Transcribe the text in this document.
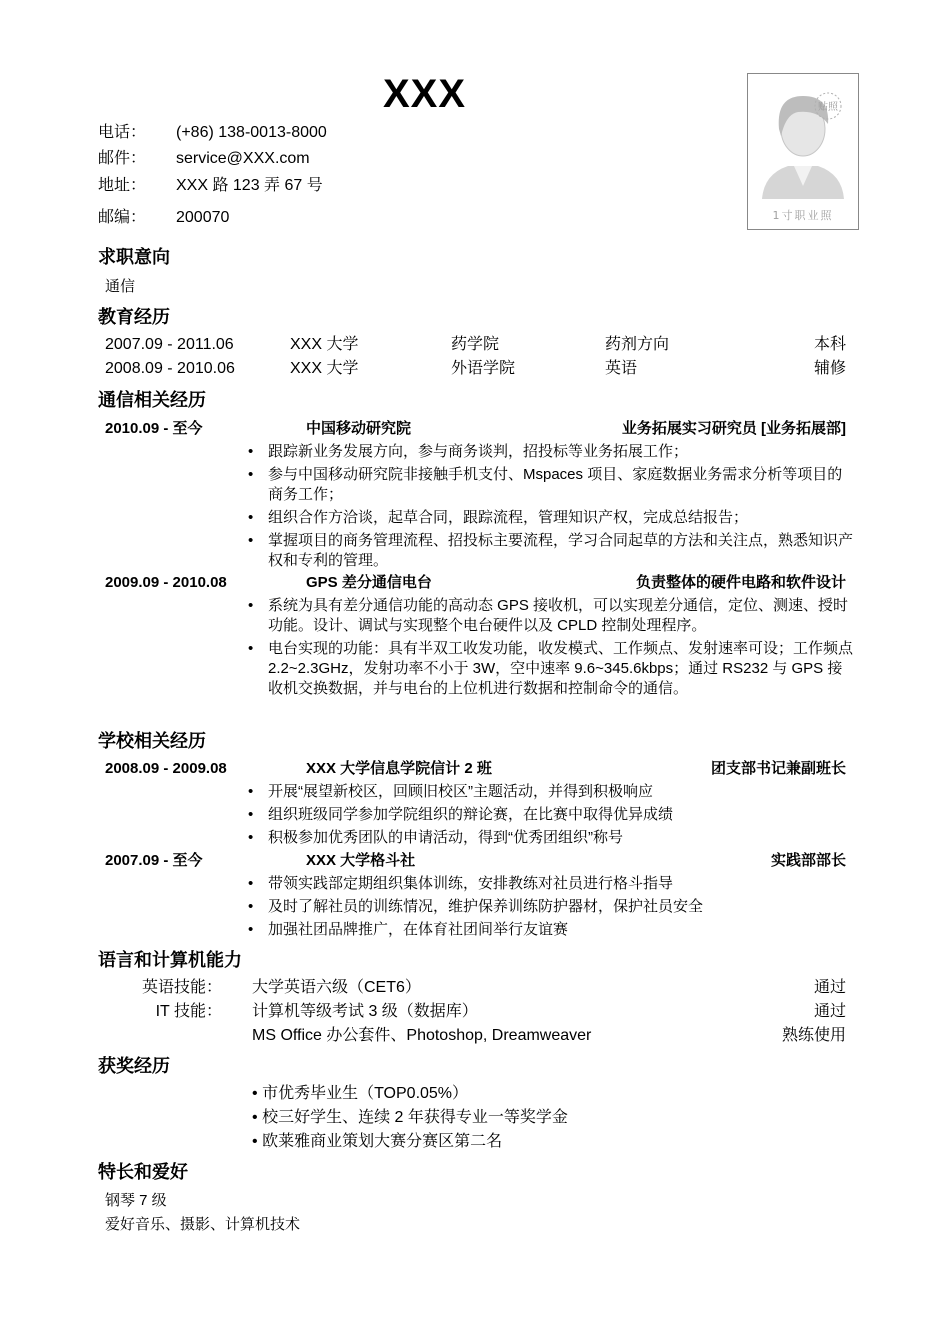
XXX
电话： (+86) 138-0013-8000
邮件： service@XXX.com
地址： XXX 路 123 弄 67 号
邮编： 200070
贴照
1寸职业照
求职意向
通信
教育经历
2007.09 - 2011.06	XXX 大学	药学院	药剂方向	本科
2008.09 - 2010.06	XXX 大学	外语学院	英语	辅修
通信相关经历
2010.09 - 至今	中国移动研究院	业务拓展实习研究员 [业务拓展部]
• 跟踪新业务发展方向，参与商务谈判，招投标等业务拓展工作；
• 参与中国移动研究院非接触手机支付、Mspaces 项目、家庭数据业务需求分析等项目的商务工作；
• 组织合作方洽谈，起草合同，跟踪流程，管理知识产权，完成总结报告；
• 掌握项目的商务管理流程、招投标主要流程，学习合同起草的方法和关注点，熟悉知识产权和专利的管理。
2009.09 - 2010.08	GPS 差分通信电台	负责整体的硬件电路和软件设计
• 系统为具有差分通信功能的高动态 GPS 接收机，可以实现差分通信，定位、测速、授时功能。设计、调试与实现整个电台硬件以及 CPLD 控制处理程序。
• 电台实现的功能：具有半双工收发功能，收发模式、工作频点、发射速率可设；工作频点 2.2~2.3GHz，发射功率不小于 3W，空中速率 9.6~345.6kbps；通过 RS232 与 GPS 接收机交换数据，并与电台的上位机进行数据和控制命令的通信。
学校相关经历
2008.09 - 2009.08	XXX 大学信息学院信计 2 班	团支部书记兼副班长
• 开展“展望新校区，回顾旧校区”主题活动，并得到积极响应
• 组织班级同学参加学院组织的辩论赛，在比赛中取得优异成绩
• 积极参加优秀团队的申请活动，得到“优秀团组织”称号
2007.09 - 至今	XXX 大学格斗社	实践部部长
• 带领实践部定期组织集体训练，安排教练对社员进行格斗指导
• 及时了解社员的训练情况，维护保养训练防护器材，保护社员安全
• 加强社团品牌推广，在体育社团间举行友谊赛
语言和计算机能力
英语技能： 大学英语六级（CET6）	通过
IT 技能： 计算机等级考试 3 级（数据库）	通过
MS Office 办公套件、Photoshop, Dreamweaver	熟练使用
获奖经历
• 市优秀毕业生（TOP0.05%）
• 校三好学生、连续 2 年获得专业一等奖学金
• 欧莱雅商业策划大赛分赛区第二名
特长和爱好
钢琴 7 级
爱好音乐、摄影、计算机技术
